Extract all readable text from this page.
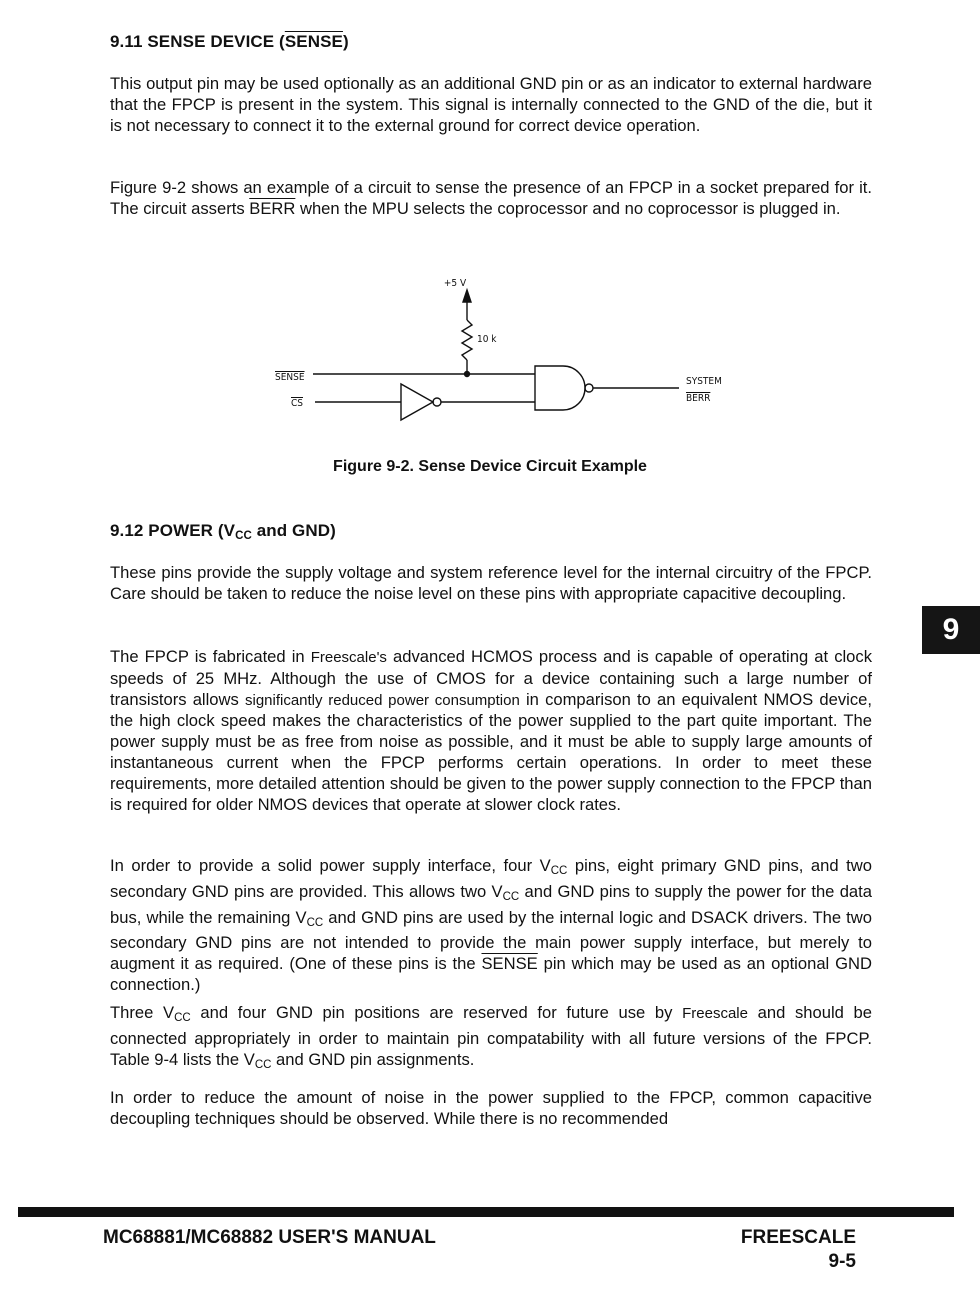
9.11 SENSE DEVICE (SENSE)

This output pin may be used optionally as an additional GND pin or as an indicator to external hardware that the FPCP is present in the system. This signal is internally connected to the GND of the die, but it is not necessary to connect it to the external ground for correct device operation.

Figure 9-2 shows an example of a circuit to sense the presence of an FPCP in a socket prepared for it. The circuit asserts BERR when the MPU selects the coprocessor and no coprocessor is plugged in.

+5 V
10 k
SENSE
CS
SYSTEM
BERR

Figure 9-2. Sense Device Circuit Example

9.12 POWER ($V_{CC}$ and GND)

These pins provide the supply voltage and system reference level for the internal circuitry of the FPCP. Care should be taken to reduce the noise level on these pins with appropriate capacitive decoupling.

The FPCP is fabricated in Freescale's advanced HCMOS process and is capable of operating at clock speeds of 25 MHz. Although the use of CMOS for a device containing such a large number of transistors allows significantly reduced power consumption in comparison to an equivalent NMOS device, the high clock speed makes the characteristics of the power supplied to the part quite important. The power supply must be as free from noise as possible, and it must be able to supply large amounts of instantaneous current when the FPCP performs certain operations. In order to meet these requirements, more detailed attention should be given to the power supply connection to the FPCP than is required for older NMOS devices that operate at slower clock rates.

In order to provide a solid power supply interface, four $V_{CC}$ pins, eight primary GND pins, and two secondary GND pins are provided. This allows two $V_{CC}$ and GND pins to supply the power for the data bus, while the remaining $V_{CC}$ and GND pins are used by the internal logic and DSACK drivers. The two secondary GND pins are not intended to provide the main power supply interface, but merely to augment it as required. (One of these pins is the SENSE pin which may be used as an optional GND connection.)

Three $V_{CC}$ and four GND pin positions are reserved for future use by Freescale and should be connected appropriately in order to maintain pin compatability with all future versions of the FPCP. Table 9-4 lists the $V_{CC}$ and GND pin assignments.

In order to reduce the amount of noise in the power supplied to the FPCP, common capacitive decoupling techniques should be observed. While there is no recommended

9

MC68881/MC68882 USER'S MANUAL	FREESCALE

9-5
